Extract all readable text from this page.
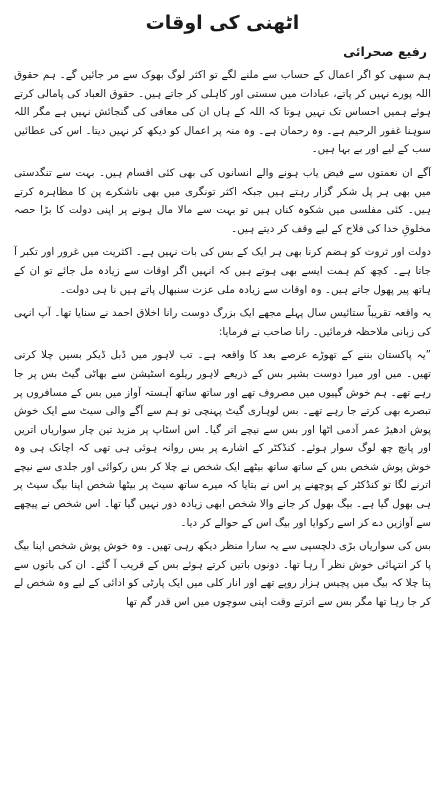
اٹھنی کی اوقات
رفیع صحرائی

ہم سبھی کو اگر اعمال کے حساب سے ملنے لگے تو اکثر لوگ بھوک سے مر جائیں گے۔ ہم حقوق اللہ پورے نہیں کر پاتے، عبادات میں سستی اور کاہلی کر جاتے ہیں۔ حقوق العباد کی پامالی کرتے ہوئے ہمیں احساس تک نہیں ہوتا کہ اللہ کے ہاں ان کی معافی کی گنجائش نہیں ہے مگر اللہ سوہنا غفور الرحیم ہے۔ وہ رحمان ہے۔ وہ منہ پر اعمال کو دیکھ کر نہیں دیتا۔ اس کی عطائیں سب کے لیے اور بے بہا ہیں۔

آگے ان نعمتوں سے فیض یاب ہونے والے انسانوں کی بھی کئی اقسام ہیں۔ بہت سے تنگدستی میں بھی ہر پل شکر گزار رہتے ہیں جبکہ اکثر تونگری میں بھی ناشکرے پن کا مظاہرہ کرتے ہیں۔ کئی مفلسی میں شکوہ کناں ہیں تو بہت سے مالا مال ہونے پر اپنی دولت کا بڑا حصہ مخلوقِ خدا کی فلاح کے لیے وقف کر دیتے ہیں۔

دولت اور ثروت کو ہضم کرنا بھی ہر ایک کے بس کی بات نہیں ہے۔ اکثریت میں غرور اور تکبر آ جاتا ہے۔ کچھ کم ہمت ایسے بھی ہوتے ہیں کہ انہیں اگر اوقات سے زیادہ مل جائے تو ان کے ہاتھ پیر پھول جاتے ہیں۔ وہ اوقات سے زیادہ ملی عزت سنبھال پاتے ہیں نا ہی دولت۔

یہ واقعہ تقریباً ستائیس سال پہلے مجھے ایک بزرگ دوست رانا اخلاق احمد نے سنایا تھا۔ آپ انہی کی زبانی ملاحظہ فرمائیں۔ رانا صاحب نے فرمایا:

”یہ پاکستان بننے کے تھوڑے عرصے بعد کا واقعہ ہے۔ تب لاہور میں ڈبل ڈیکر بسیں چلا کرتی تھیں۔ میں اور میرا دوست بشیر بس کے ذریعے لاہور ریلوے اسٹیشن سے بھاٹی گیٹ بس پر جا رہے تھے۔ ہم خوش گپیوں میں مصروف تھے اور ساتھ ساتھ آہستہ آواز میں بس کے مسافروں پر تبصرے بھی کرتے جا رہے تھے۔ بس لوہاری گیٹ پہنچی تو ہم سے آگے والی سیٹ سے ایک خوش پوش ادھیڑ عمر آدمی اٹھا اور بس سے نیچے اتر گیا۔ اس اسٹاپ پر مزید تین چار سواریاں اتریں اور پانچ چھ لوگ سوار ہوئے۔ کنڈکٹر کے اشارے پر بس روانہ ہوئی ہی تھی کہ اچانک ہی وہ خوش پوش شخص بس کے ساتھ ساتھ بیٹھے ایک شخص نے چلا کر بس رکوائی اور جلدی سے نیچے اترنے لگا تو کنڈکٹر کے پوچھنے پر اس نے بتایا کہ میرے ساتھ سیٹ پر بیٹھا شخص اپنا بیگ سیٹ پر ہی بھول گیا ہے۔ بیگ بھول کر جانے والا شخص ابھی زیادہ دور نہیں گیا تھا۔ اس شخص نے پیچھے سے آوازیں دے کر اسے رکوایا اور بیگ اس کے حوالے کر دیا۔

بس کی سواریاں بڑی دلچسپی سے یہ سارا منظر دیکھ رہی تھیں۔ وہ خوش پوش شخص اپنا بیگ پا کر انتہائی خوش نظر آ رہا تھا۔ دونوں باتیں کرتے ہوئے بس کے قریب آ گئے۔ ان کی باتوں سے پتا چلا کہ بیگ میں پچیس ہزار روپے تھے اور انار کلی میں ایک پارٹی کو ادائی کے لیے وہ شخص لے کر جا رہا تھا مگر بس سے اترتے وقت اپنی سوچوں میں اس قدر گم تھا
